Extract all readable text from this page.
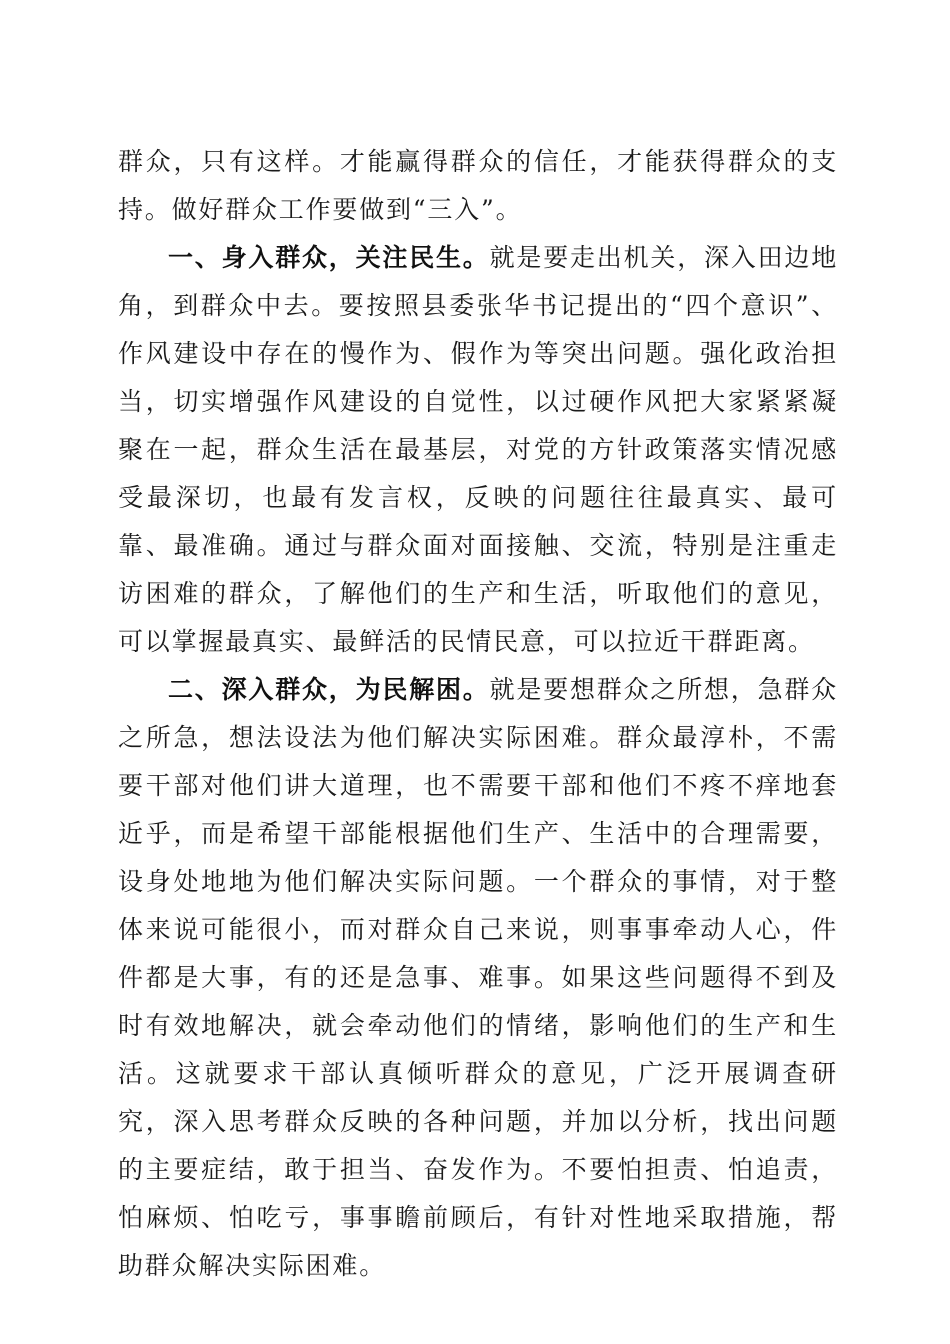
群众，只有这样。才能赢得群众的信任，才能获得群众的支持。做好群众工作要做到“三入”。

一、身入群众，关注民生。就是要走出机关，深入田边地角，到群众中去。要按照县委张华书记提出的“四个意识”、作风建设中存在的慢作为、假作为等突出问题。强化政治担当，切实增强作风建设的自觉性，以过硬作风把大家紧紧凝聚在一起，群众生活在最基层，对党的方针政策落实情况感受最深切，也最有发言权，反映的问题往往最真实、最可靠、最准确。通过与群众面对面接触、交流，特别是注重走访困难的群众，了解他们的生产和生活，听取他们的意见，可以掌握最真实、最鲜活的民情民意，可以拉近干群距离。

二、深入群众，为民解困。就是要想群众之所想，急群众之所急，想法设法为他们解决实际困难。群众最淳朴，不需要干部对他们讲大道理，也不需要干部和他们不疼不痒地套近乎，而是希望干部能根据他们生产、生活中的合理需要，设身处地地为他们解决实际问题。一个群众的事情，对于整体来说可能很小，而对群众自己来说，则事事牵动人心，件件都是大事，有的还是急事、难事。如果这些问题得不到及时有效地解决，就会牵动他们的情绪，影响他们的生产和生活。这就要求干部认真倾听群众的意见，广泛开展调查研究，深入思考群众反映的各种问题，并加以分析，找出问题的主要症结，敢于担当、奋发作为。不要怕担责、怕追责，怕麻烦、怕吃亏，事事瞻前顾后，有针对性地采取措施，帮助群众解决实际困难。
